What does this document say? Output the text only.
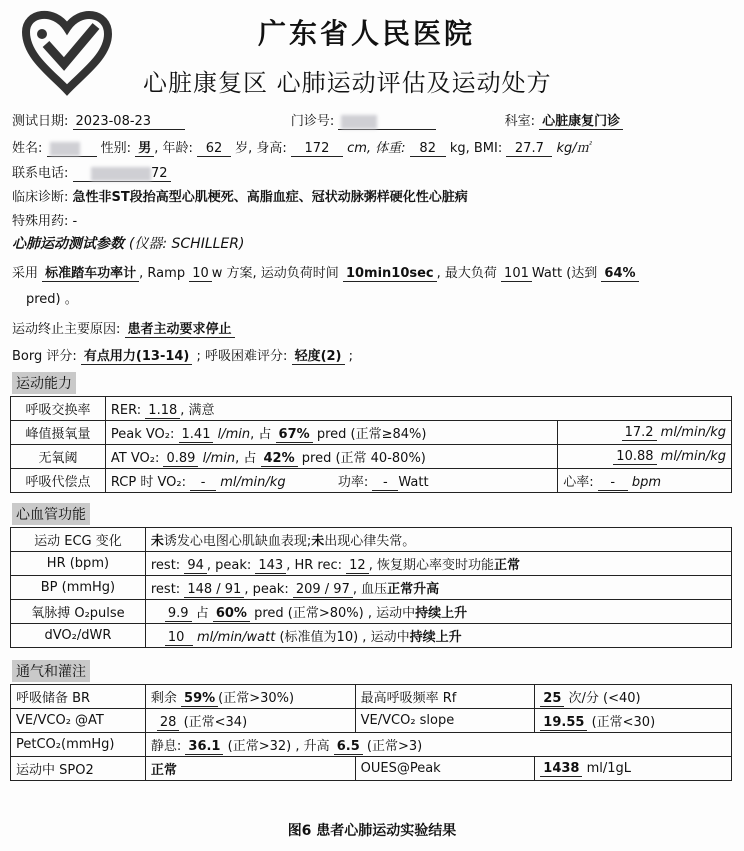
广东省人民医院
心脏康复区 心肺运动评估及运动处方
测试日期: 2023-08-23	门诊号:	科室: 心脏康复门诊
姓名:	性别: 男 , 年龄: 62 岁, 身高: 172 cm, 体重: 82 kg, BMI: 27.7 kg/㎡
联系电话:	72
临床诊断: 急性非ST段抬高型心肌梗死、高脂血症、冠状动脉粥样硬化性心脏病
特殊用药: -
心肺运动测试参数 (仪器: SCHILLER)
采用 标准踏车功率计 , Ramp 10 w 方案, 运动负荷时间 10min10sec , 最大负荷 101 Watt (达到 64%
pred) 。
运动终止主要原因: 患者主动要求停止
Borg 评分: 有点用力(13-14) ; 呼吸困难评分: 轻度(2) ;
运动能力
呼吸交换率	RER: 1.18 , 满意	
峰值摄氧量	Peak VO₂: 1.41 l/min, 占 67% pred (正常≥84%)	17.2 ml/min/kg
无氧阈	AT VO₂: 0.89 l/min, 占 42% pred (正常 40-80%)	10.88 ml/min/kg
呼吸代偿点	RCP 时 VO₂: - ml/min/kg 功率: - Watt	心率: - bpm
心血管功能
运动 ECG 变化	未诱发心电图心肌缺血表现;未出现心律失常。
HR (bpm)	rest: 94 , peak: 143 , HR rec: 12 , 恢复期心率变时功能正常
BP (mmHg)	rest: 148 / 91 , peak: 209 / 97 , 血压正常升高
氧脉搏 O₂pulse	9.9 占 60% pred (正常>80%) , 运动中持续上升
dVO₂/dWR	10 ml/min/watt (标准值为10) , 运动中持续上升
通气和灌注
呼吸储备 BR	剩余 59% (正常>30%)	最高呼吸频率 Rf	25 次/分 (<40)
VE/VCO₂ @AT	28 (正常<34)	VE/VCO₂ slope	19.55 (正常<30)
PetCO₂(mmHg)	静息: 36.1 (正常>32) , 升高 6.5 (正常>3)		
运动中 SPO2	正常	OUES@Peak	1438 ml/1gL
图6 患者心肺运动实验结果
